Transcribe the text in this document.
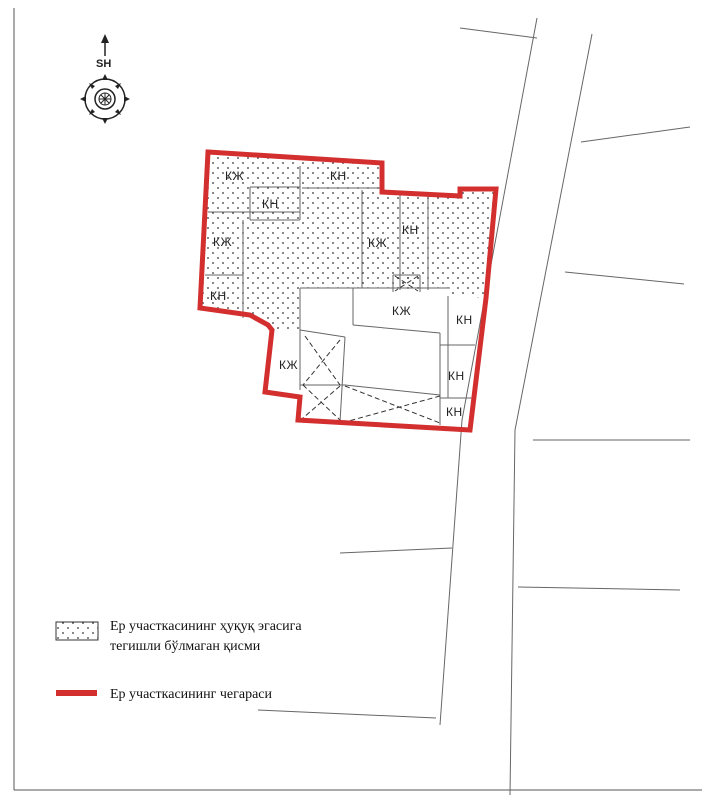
КЖ	КН
КН
КЖ	КЖ
КН
КН
КЖ
КН
КЖ
КН
КН
SH
Ер участкасининг ҳуқуқ эгасига
тегишли бўлмаган қисми
Ер участкасининг чегараси
